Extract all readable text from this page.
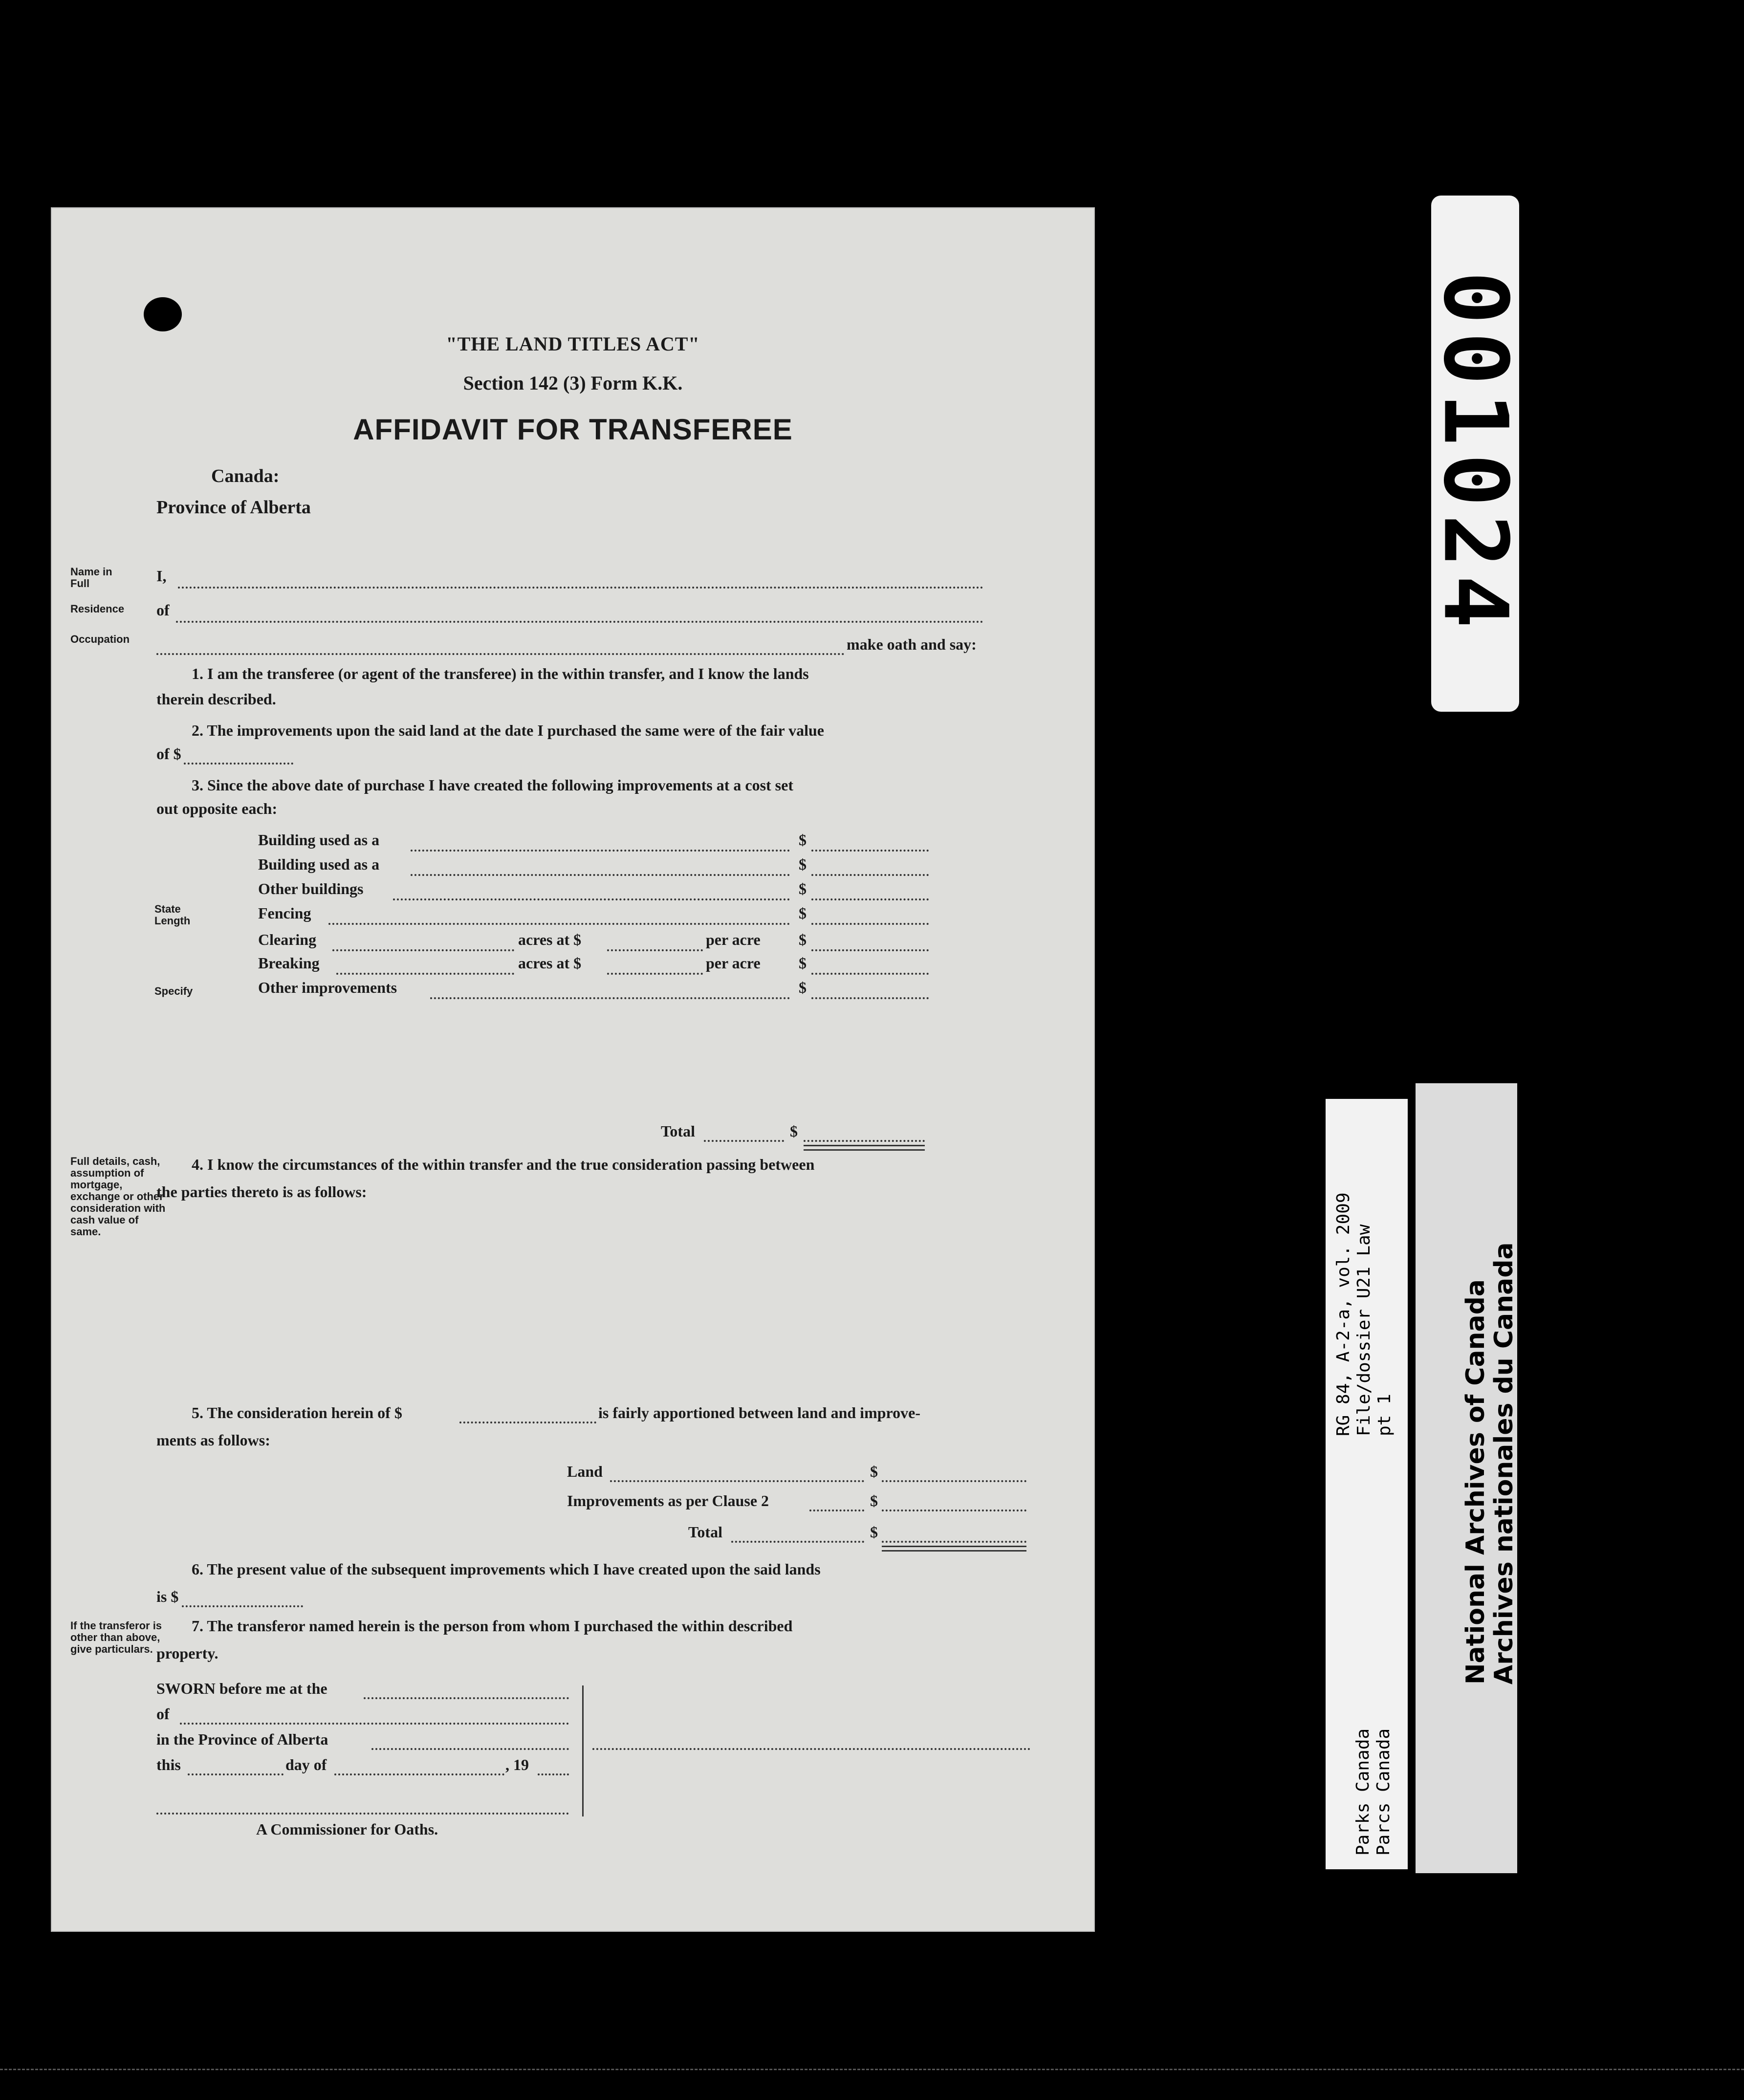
"THE LAND TITLES ACT"
Section 142 (3) Form K.K.
AFFIDAVIT FOR TRANSFEREE
Canada:
Province of Alberta
Name in Full
Residence
Occupation
I,
of
make oath and say:
1. I am the transferee (or agent of the transferee) in the within transfer, and I know the lands
therein described.
2. The improvements upon the said land at the date I purchased the same were of the fair value
of $
3. Since the above date of purchase I have created the following improvements at a cost set
out opposite each:
Building used as a	$
Building used as a	$
Other buildings	$
State Length	Fencing	$
Clearing	acres at $	per acre $
Breaking	acres at $	per acre $
Specify	Other improvements	$
Total	$
Full details, cash, assumption of mortgage, exchange or other consideration with cash value of same.
4. I know the circumstances of the within transfer and the true consideration passing between
the parties thereto is as follows:
5. The consideration herein of $	is fairly apportioned between land and improve-
ments as follows:
Land	$
Improvements as per Clause 2	$
Total	$
6. The present value of the subsequent improvements which I have created upon the said lands
is $
If the transferor is other than above, give particulars.
7. The transferor named herein is the person from whom I purchased the within described
property.
SWORN before me at the
of
in the Province of Alberta
this	day of	, 19
A Commissioner for Oaths.
001024
RG 84, A-2-a, vol. 2009 File/dossier U21 Law pt 1
Parks Canada Parcs Canada
National Archives of Canada
Archives nationales du Canada
